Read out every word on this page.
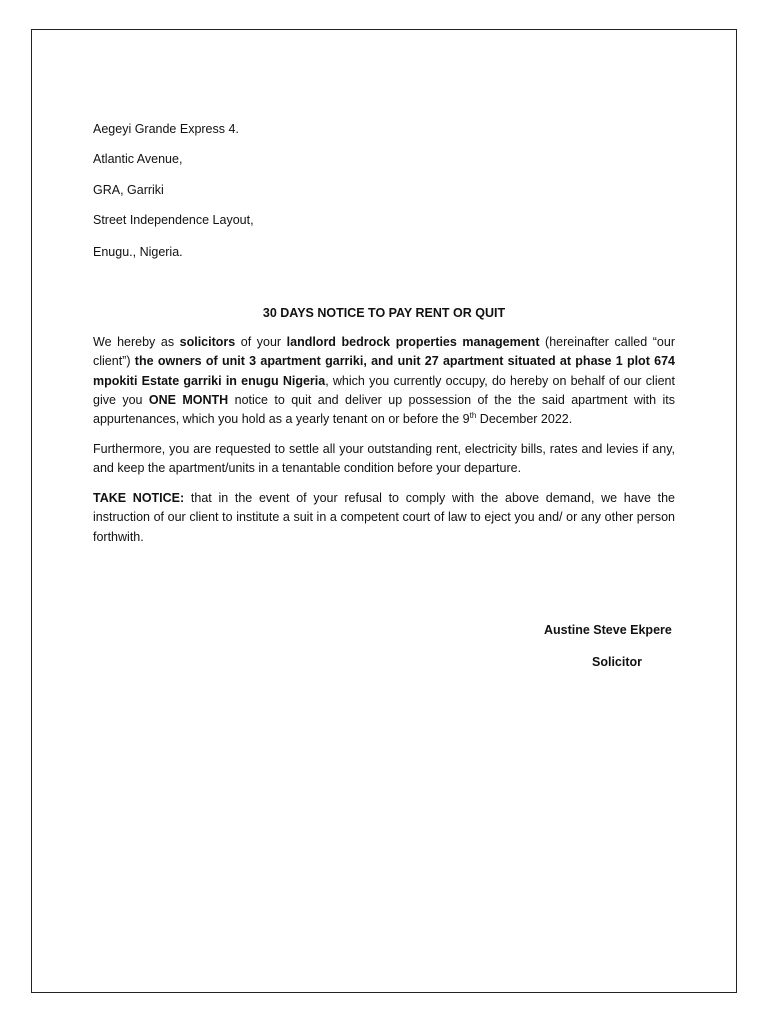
Aegeyi Grande Express 4.
Atlantic Avenue,
GRA, Garriki
Street Independence Layout,
Enugu., Nigeria.
30 DAYS NOTICE TO PAY RENT OR QUIT

We hereby as solicitors of your landlord bedrock properties management (hereinafter called “our client”) the owners of unit 3 apartment garriki, and unit 27 apartment situated at phase 1 plot 674 mpokiti Estate garriki in enugu Nigeria, which you currently occupy, do hereby on behalf of our client give you ONE MONTH notice to quit and deliver up possession of the the said apartment with its appurtenances, which you hold as a yearly tenant on or before the 9th December 2022.

Furthermore, you are requested to settle all your outstanding rent, electricity bills, rates and levies if any, and keep the apartment/units in a tenantable condition before your departure.

TAKE NOTICE: that in the event of your refusal to comply with the above demand, we have the instruction of our client to institute a suit in a competent court of law to eject you and/ or any other person forthwith.

Austine Steve Ekpere
Solicitor
